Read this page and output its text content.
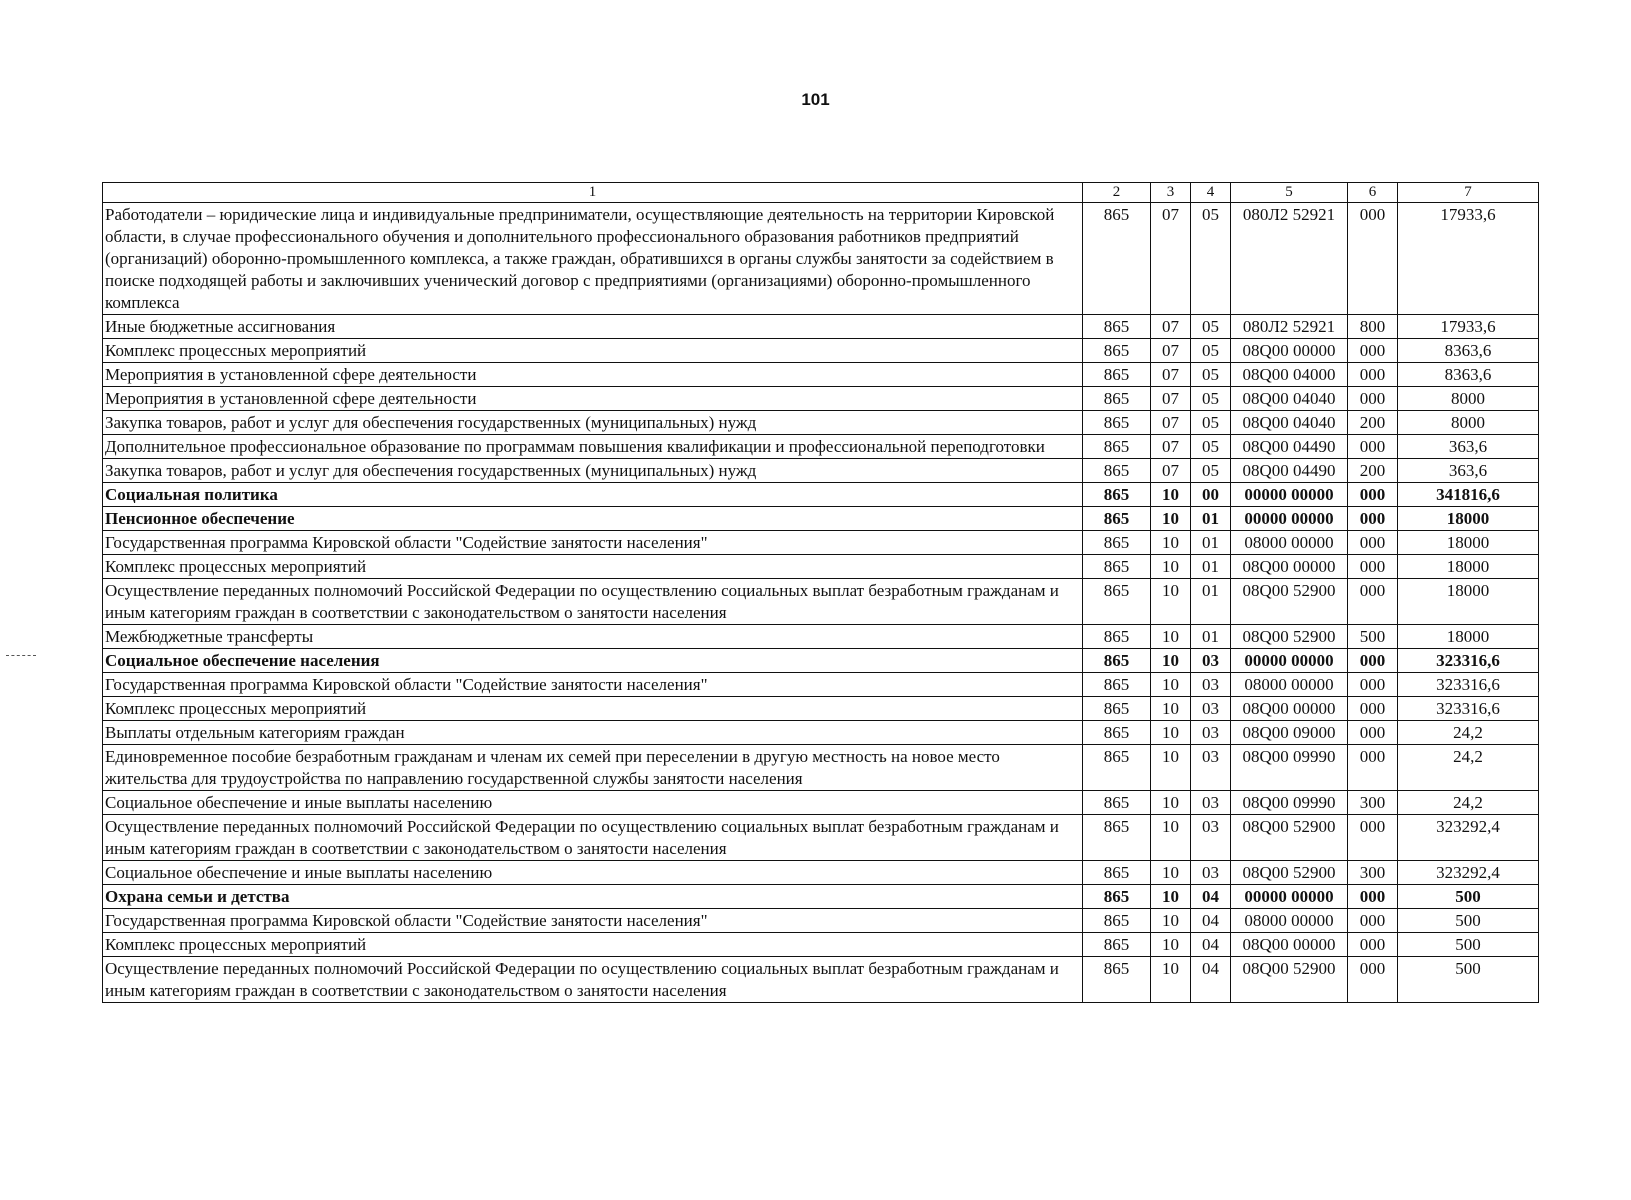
101
1	2	3	4	5	6	7
Работодатели – юридические лица и индивидуальные предприниматели, осуществляющие деятельность на территории Кировской области, в случае профессионального обучения и дополнительного профессионального образования работников предприятий (организаций) оборонно-промышленного комплекса, а также граждан, обратившихся в органы службы занятости за содействием в поиске подходящей работы и заключивших ученический договор с предприятиями (организациями) оборонно-промышленного комплекса	865	07	05	080Л2 52921	000	17933,6
Иные бюджетные ассигнования	865	07	05	080Л2 52921	800	17933,6
Комплекс процессных мероприятий	865	07	05	08Q00 00000	000	8363,6
Мероприятия в установленной сфере деятельности	865	07	05	08Q00 04000	000	8363,6
Мероприятия в установленной сфере деятельности	865	07	05	08Q00 04040	000	8000
Закупка товаров, работ и услуг для обеспечения государственных (муниципальных) нужд	865	07	05	08Q00 04040	200	8000
Дополнительное профессиональное образование по программам повышения квалификации и профессиональной переподготовки	865	07	05	08Q00 04490	000	363,6
Закупка товаров, работ и услуг для обеспечения государственных (муниципальных) нужд	865	07	05	08Q00 04490	200	363,6
Социальная политика	865	10	00	00000 00000	000	341816,6
Пенсионное обеспечение	865	10	01	00000 00000	000	18000
Государственная программа Кировской области "Содействие занятости населения"	865	10	01	08000 00000	000	18000
Комплекс процессных мероприятий	865	10	01	08Q00 00000	000	18000
Осуществление переданных полномочий Российской Федерации по осуществлению социальных выплат безработным гражданам и иным категориям граждан в соответствии с законодательством о занятости населения	865	10	01	08Q00 52900	000	18000
Межбюджетные трансферты	865	10	01	08Q00 52900	500	18000
Социальное обеспечение населения	865	10	03	00000 00000	000	323316,6
Государственная программа Кировской области "Содействие занятости населения"	865	10	03	08000 00000	000	323316,6
Комплекс процессных мероприятий	865	10	03	08Q00 00000	000	323316,6
Выплаты отдельным категориям граждан	865	10	03	08Q00 09000	000	24,2
Единовременное пособие безработным гражданам и членам их семей при переселении в другую местность на новое место жительства для трудоустройства по направлению государственной службы занятости населения	865	10	03	08Q00 09990	000	24,2
Социальное обеспечение и иные выплаты населению	865	10	03	08Q00 09990	300	24,2
Осуществление переданных полномочий Российской Федерации по осуществлению социальных выплат безработным гражданам и иным категориям граждан в соответствии с законодательством о занятости населения	865	10	03	08Q00 52900	000	323292,4
Социальное обеспечение и иные выплаты населению	865	10	03	08Q00 52900	300	323292,4
Охрана семьи и детства	865	10	04	00000 00000	000	500
Государственная программа Кировской области "Содействие занятости населения"	865	10	04	08000 00000	000	500
Комплекс процессных мероприятий	865	10	04	08Q00 00000	000	500
Осуществление переданных полномочий Российской Федерации по осуществлению социальных выплат безработным гражданам и иным категориям граждан в соответствии с законодательством о занятости населения	865	10	04	08Q00 52900	000	500
